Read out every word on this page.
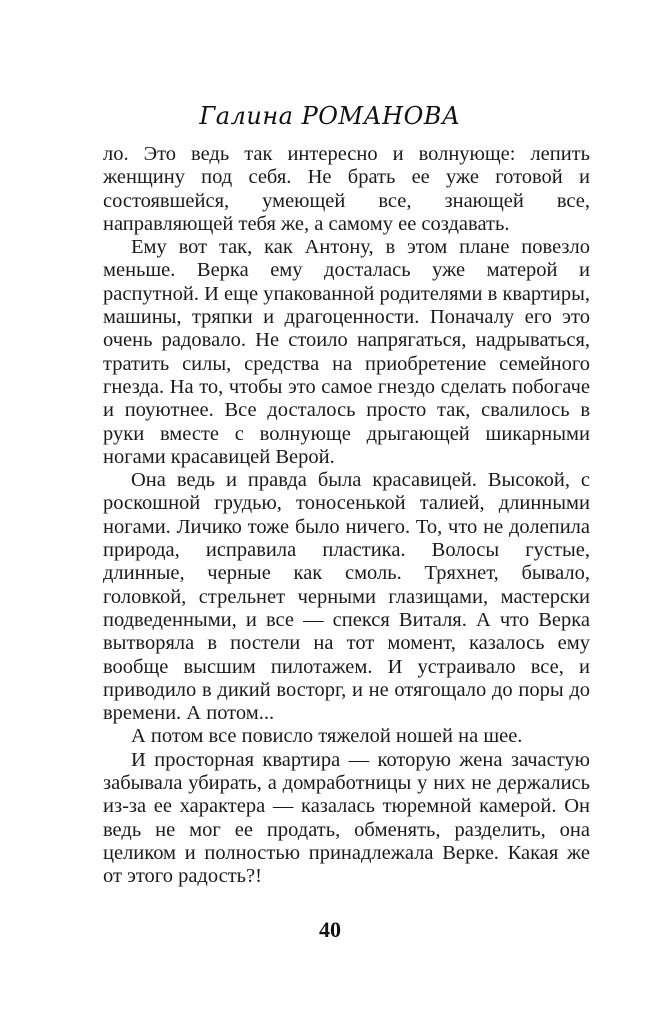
Галина РОМАНОВА

ло. Это ведь так интересно и волнующе: лепить женщину под себя. Не брать ее уже готовой и состоявшейся, умеющей все, знающей все, направляющей тебя же, а самому ее создавать.

Ему вот так, как Антону, в этом плане повезло меньше. Верка ему досталась уже матерой и распутной. И еще упакованной родителями в квартиры, машины, тряпки и драгоценности. Поначалу его это очень радовало. Не стоило напрягаться, надрываться, тратить силы, средства на приобретение семейного гнезда. На то, чтобы это самое гнездо сделать побогаче и поуютнее. Все досталось просто так, свалилось в руки вместе с волнующе дрыгающей шикарными ногами красавицей Верой.

Она ведь и правда была красавицей. Высокой, с роскошной грудью, тоносенькой талией, длинными ногами. Личико тоже было ничего. То, что не долепила природа, исправила пластика. Волосы густые, длинные, черные как смоль. Тряхнет, бывало, головкой, стрельнет черными глазищами, мастерски подведенными, и все — спекся Виталя. А что Верка вытворяла в постели на тот момент, казалось ему вообще высшим пилотажем. И устраивало все, и приводило в дикий восторг, и не отягощало до поры до времени. А потом...

А потом все повисло тяжелой ношей на шее.

И просторная квартира — которую жена зачастую забывала убирать, а домработницы у них не держались из-за ее характера — казалась тюремной камерой. Он ведь не мог ее продать, обменять, разделить, она целиком и полностью принадлежала Верке. Какая же от этого радость?!

40
